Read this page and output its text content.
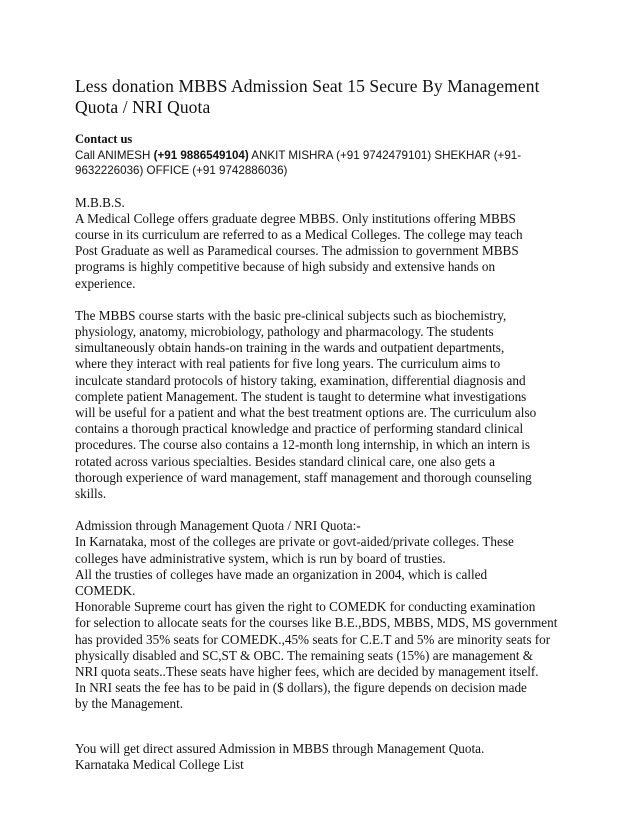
Less donation MBBS Admission Seat 15 Secure By Management
Quota / NRI Quota
Contact us
Call ANIMESH (+91 9886549104) ANKIT MISHRA (+91 9742479101) SHEKHAR (+91-
9632226036) OFFICE (+91 9742886036)

M.B.B.S.

A Medical College offers graduate degree MBBS. Only institutions offering MBBS
course in its curriculum are referred to as a Medical Colleges. The college may teach
Post Graduate as well as Paramedical courses. The admission to government MBBS
programs is highly competitive because of high subsidy and extensive hands on
experience.

The MBBS course starts with the basic pre-clinical subjects such as biochemistry,
physiology, anatomy, microbiology, pathology and pharmacology. The students
simultaneously obtain hands-on training in the wards and outpatient departments,
where they interact with real patients for five long years. The curriculum aims to
inculcate standard protocols of history taking, examination, differential diagnosis and
complete patient Management. The student is taught to determine what investigations
will be useful for a patient and what the best treatment options are. The curriculum also
contains a thorough practical knowledge and practice of performing standard clinical
procedures. The course also contains a 12-month long internship, in which an intern is
rotated across various specialties. Besides standard clinical care, one also gets a
thorough experience of ward management, staff management and thorough counseling
skills.

Admission through Management Quota / NRI Quota:-
In Karnataka, most of the colleges are private or govt-aided/private colleges. These
colleges have administrative system, which is run by board of trusties.
All the trusties of colleges have made an organization in 2004, which is called
COMEDK.
Honorable Supreme court has given the right to COMEDK for conducting examination
for selection to allocate seats for the courses like B.E.,BDS, MBBS, MDS, MS government
has provided 35% seats for COMEDK.,45% seats for C.E.T and 5% are minority seats for
physically disabled and SC,ST & OBC. The remaining seats (15%) are management &
NRI quota seats..These seats have higher fees, which are decided by management itself.
In NRI seats the fee has to be paid in ($ dollars), the figure depends on decision made
by the Management.

You will get direct assured Admission in MBBS through Management Quota.
Karnataka Medical College List
